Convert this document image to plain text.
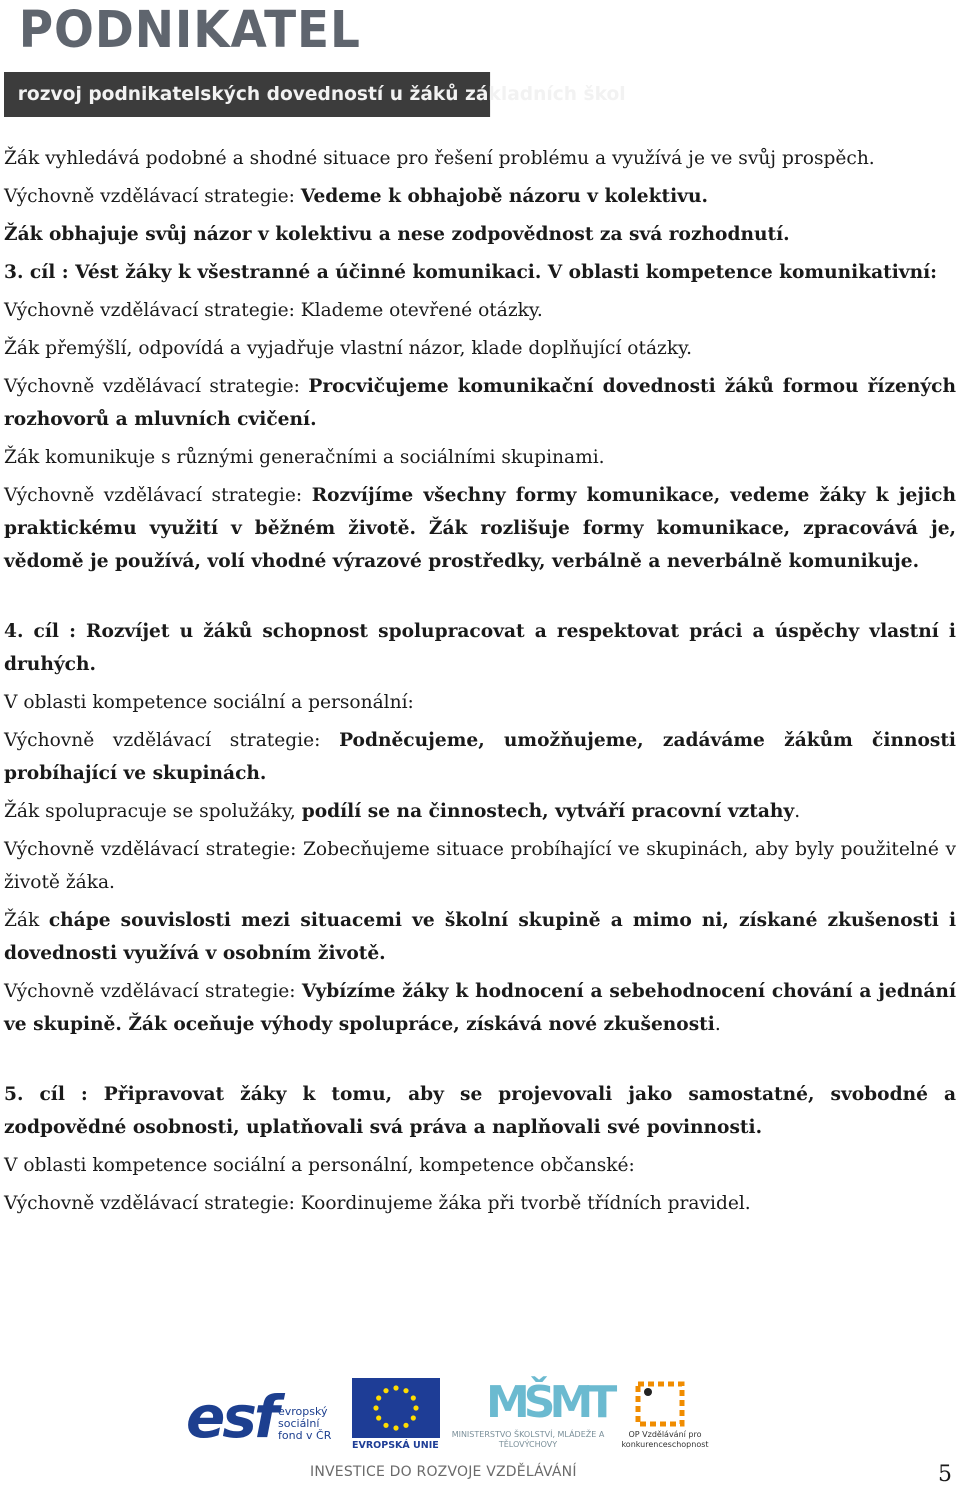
PODNIKATEL
rozvoj podnikatelských dovedností u žáků základních škol

Žák vyhledává podobné a shodné situace pro řešení problému a využívá je ve svůj prospěch.

Výchovně vzdělávací strategie: Vedeme k obhajobě názoru v kolektivu.

Žák obhajuje svůj názor v kolektivu a nese zodpovědnost za svá rozhodnutí.

3. cíl : Vést žáky k všestranné a účinné komunikaci. V oblasti kompetence komunikativní:

Výchovně vzdělávací strategie: Klademe otevřené otázky.

Žák přemýšlí, odpovídá a vyjadřuje vlastní názor, klade doplňující otázky.

Výchovně vzdělávací strategie: Procvičujeme komunikační dovednosti žáků formou řízených rozhovorů a mluvních cvičení.

Žák komunikuje s různými generačními a sociálními skupinami.

Výchovně vzdělávací strategie: Rozvíjíme všechny formy komunikace, vedeme žáky k jejich praktickému využití v běžném životě. Žák rozlišuje formy komunikace, zpracovává je, vědomě je používá, volí vhodné výrazové prostředky, verbálně a neverbálně komunikuje.

4. cíl : Rozvíjet u žáků schopnost spolupracovat a respektovat práci a úspěchy vlastní i druhých.

V oblasti kompetence sociální a personální:

Výchovně vzdělávací strategie: Podněcujeme, umožňujeme, zadáváme žákům činnosti probíhající ve skupinách.

Žák spolupracuje se spolužáky, podílí se na činnostech, vytváří pracovní vztahy.

Výchovně vzdělávací strategie: Zobecňujeme situace probíhající ve skupinách, aby byly použitelné v životě žáka.

Žák chápe souvislosti mezi situacemi ve školní skupině a mimo ni, získané zkušenosti i dovednosti využívá v osobním životě.

Výchovně vzdělávací strategie: Vybízíme žáky k hodnocení a sebehodnocení chování a jednání ve skupině. Žák oceňuje výhody spolupráce, získává nové zkušenosti.

5. cíl : Připravovat žáky k tomu, aby se projevovali jako samostatné, svobodné a zodpovědné osobnosti, uplatňovali svá práva a naplňovali své povinnosti.

V oblasti kompetence sociální a personální, kompetence občanské:

Výchovně vzdělávací strategie: Koordinujeme žáka při tvorbě třídních pravidel.

esf evropský sociální fond v ČR
EVROPSKÁ UNIE
MŠMT
MINISTERSTVO ŠKOLSTVÍ, MLÁDEŽE A TĚLOVÝCHOVY
OP Vzdělávání pro konkurenceschopnost
INVESTICE DO ROZVOJE VZDĚLÁVÁNÍ	5
